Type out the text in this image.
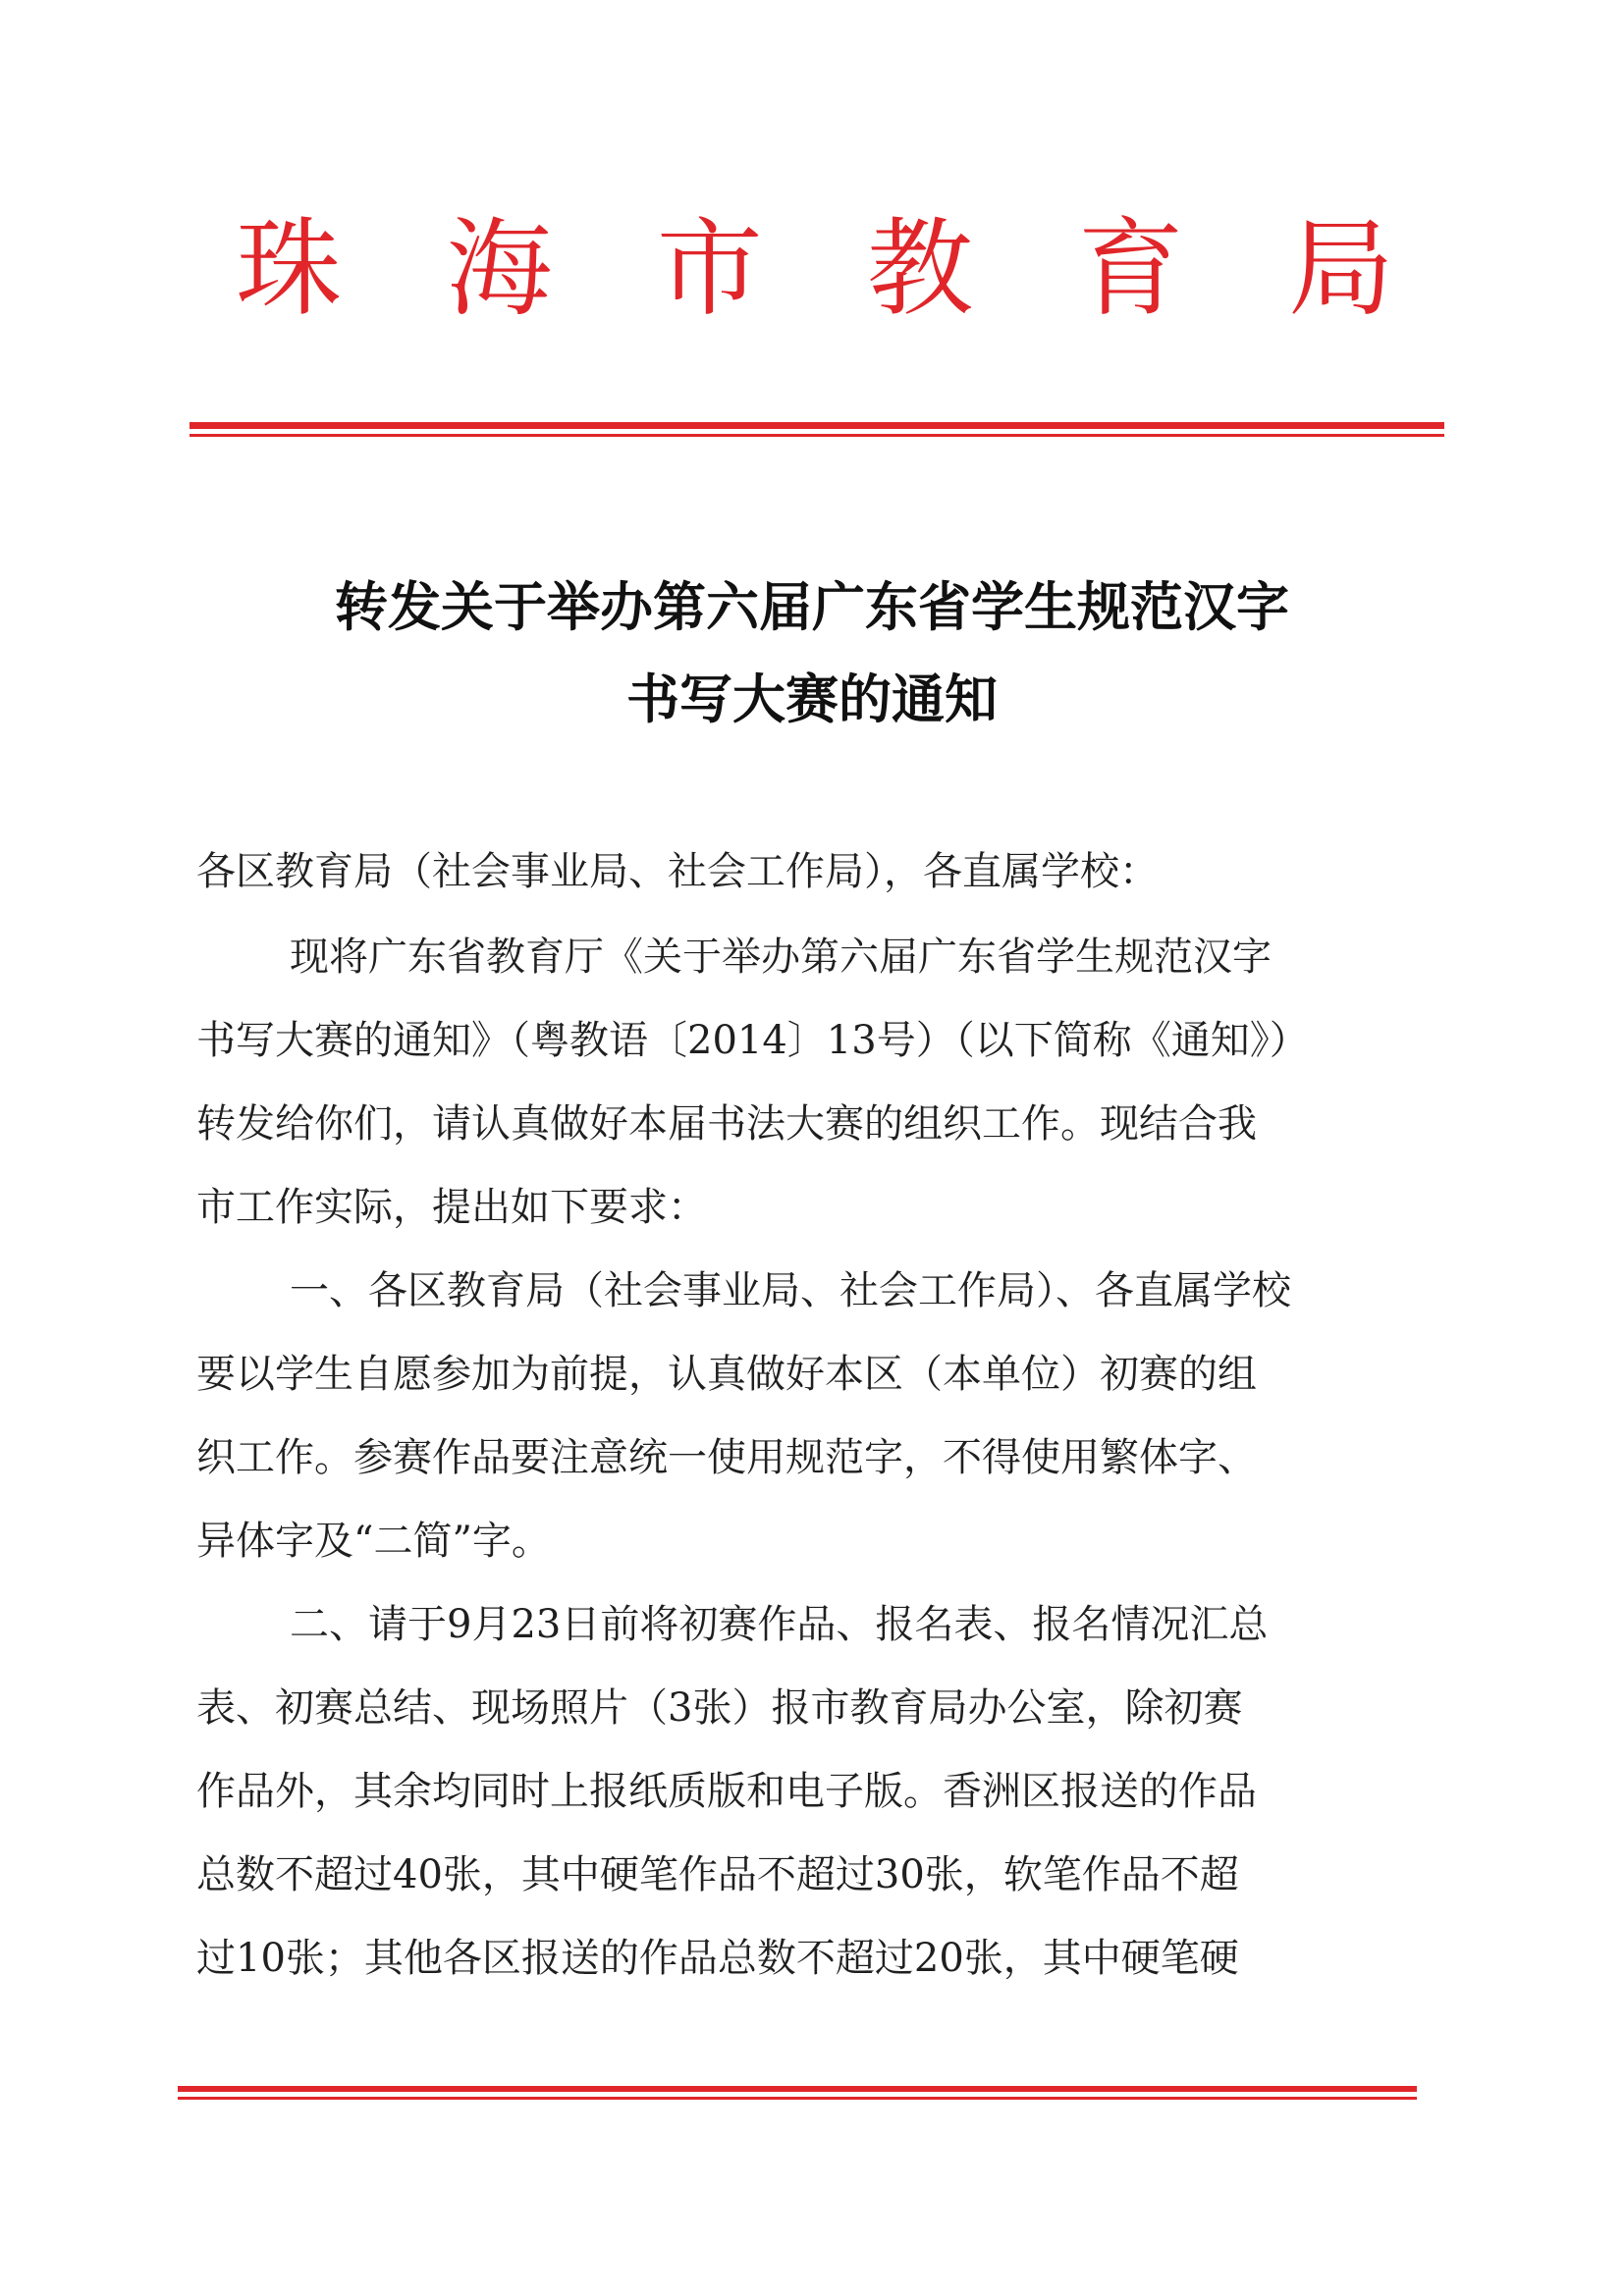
珠 海 市 教 育 局
转发关于举办第六届广东省学生规范汉字
书写大赛的通知
各区教育局（社会事业局、社会工作局），各直属学校：
现将广东省教育厅《关于举办第六届广东省学生规范汉字
书写大赛的通知》（粤教语〔2014〕13号）（以下简称《通知》）
转发给你们，请认真做好本届书法大赛的组织工作。现结合我
市工作实际，提出如下要求：
一、各区教育局（社会事业局、社会工作局）、各直属学校
要以学生自愿参加为前提，认真做好本区（本单位）初赛的组
织工作。参赛作品要注意统一使用规范字，不得使用繁体字、
异体字及“二简”字。
二、请于9月23日前将初赛作品、报名表、报名情况汇总
表、初赛总结、现场照片（3张）报市教育局办公室，除初赛
作品外，其余均同时上报纸质版和电子版。香洲区报送的作品
总数不超过40张，其中硬笔作品不超过30张，软笔作品不超
过10张；其他各区报送的作品总数不超过20张，其中硬笔硬
